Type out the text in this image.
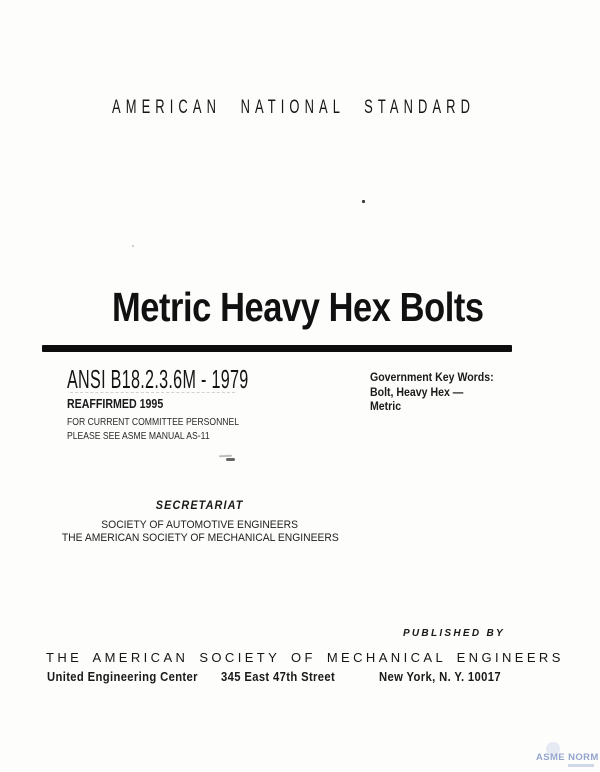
AMERICAN NATIONAL STANDARD
Metric Heavy Hex Bolts
ANSI B18.2.3.6M - 1979
REAFFIRMED 1995
FOR CURRENT COMMITTEE PERSONNEL
PLEASE SEE ASME MANUAL AS-11
Government Key Words:
Bolt, Heavy Hex —
Metric
SECRETARIAT
SOCIETY OF AUTOMOTIVE ENGINEERS
THE AMERICAN SOCIETY OF MECHANICAL ENGINEERS
PUBLISHED BY
THE AMERICAN SOCIETY OF MECHANICAL ENGINEERS
United Engineering Center	345 East 47th Street	New York, N. Y. 10017
ASME NORM
